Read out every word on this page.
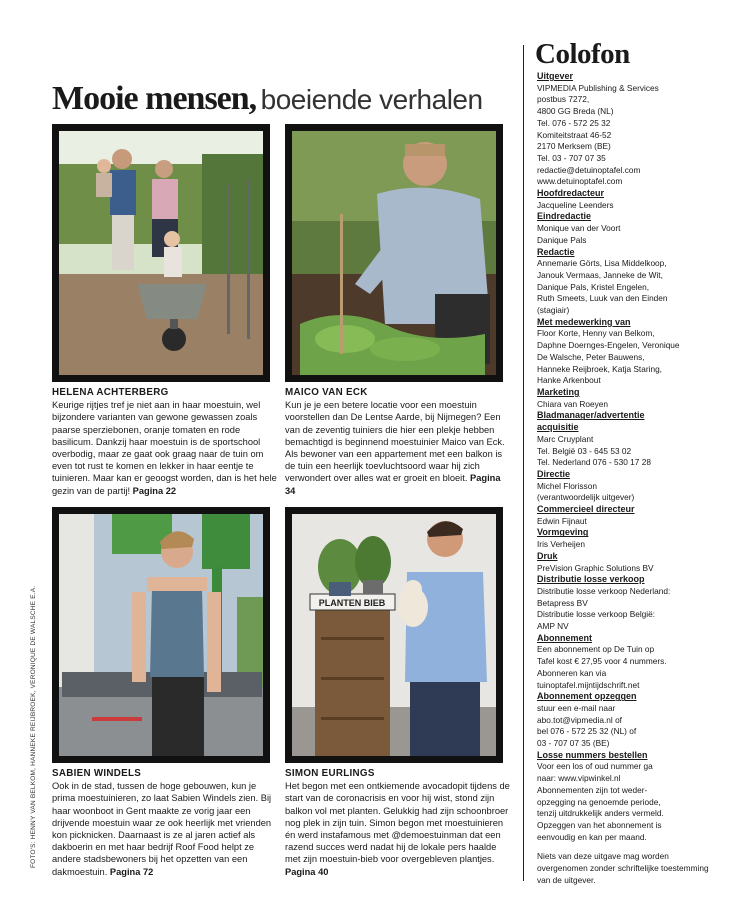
Mooie mensen, boeiende verhalen
HELENA ACHTERBERG
Keurige rijtjes tref je niet aan in haar moestuin, wel bijzondere varianten van gewone gewassen zoals paarse sperziebonen, oranje tomaten en rode basilicum. Dankzij haar moestuin is de sportschool overbodig, maar ze gaat ook graag naar de tuin om even tot rust te komen en lekker in haar eentje te tuinieren. Maar kan er geoogst worden, dan is het hele gezin van de partij! Pagina 22
MAICO VAN ECK
Kun je je een betere locatie voor een moestuin voorstellen dan De Lentse Aarde, bij Nijmegen? Een van de zeventig tuiniers die hier een plekje hebben bemachtigd is beginnend moestuinier Maico van Eck. Als bewoner van een appartement met een balkon is de tuin een heerlijk toevluchtsoord waar hij zich verwondert over alles wat er groeit en bloeit. Pagina 34
SABIEN WINDELS
Ook in de stad, tussen de hoge gebouwen, kun je prima moestuinieren, zo laat Sabien Windels zien. Bij haar woonboot in Gent maakte ze vorig jaar een drijvende moestuin waar ze ook heerlijk met vrienden kon picknicken. Daarnaast is ze al jaren actief als dakboerin en met haar bedrijf Roof Food helpt ze andere stadsbewoners bij het opzetten van een dakmoestuin. Pagina 72
PLANTEN BIEB
SIMON EURLINGS
Het begon met een ontkiemende avocadopit tijdens de start van de coronacrisis en voor hij wist, stond zijn balkon vol met planten. Gelukkig had zijn schoonbroer nog plek in zijn tuin. Simon begon met moestuinieren én werd instafamous met @demoestuinman dat een razend succes werd nadat hij de lokale pers haalde met zijn moestuin-bieb voor overgebleven plantjes. Pagina 40
FOTO'S: HENNY VAN BELKOM, HANNEKE REIJBROEK, VERONIQUE DE WALSCHE E.A.
Colofon
Uitgever
VIPMEDIA Publishing & Services
postbus 7272,
4800 GG Breda (NL)
Tel. 076 - 572 25 32
Komiteitstraat 46-52
2170 Merksem (BE)
Tel. 03 - 707 07 35
redactie@detuinoptafel.com
www.detuinoptafel.com
Hoofdredacteur
Jacqueline Leenders
Eindredactie
Monique van der Voort
Danique Pals
Redactie
Annemarie Görts, Lisa Middelkoop,
Janouk Vermaas, Janneke de Wit,
Danique Pals, Kristel Engelen,
Ruth Smeets, Luuk van den Einden
(stagiair)
Met medewerking van
Floor Korte, Henny van Belkom,
Daphne Doernges-Engelen, Veronique
De Walsche, Peter Bauwens,
Hanneke Reijbroek, Katja Staring,
Hanke Arkenbout
Marketing
Chiara van Roeyen
Bladmanager/advertentie
acquisitie
Marc Cruyplant
Tel. België 03 - 645 53 02
Tel. Nederland 076 - 530 17 28
Directie
Michel Florisson
(verantwoordelijk uitgever)
Commercieel directeur
Edwin Fijnaut
Vormgeving
Iris Verheijen
Druk
PreVision Graphic Solutions BV
Distributie losse verkoop
Distributie losse verkoop Nederland:
Betapress BV
Distributie losse verkoop België:
AMP NV
Abonnement
Een abonnement op De Tuin op
Tafel kost € 27,95 voor 4 nummers.
Abonneren kan via
tuinoptafel.mijntijdschrift.net
Abonnement opzeggen
stuur een e-mail naar
abo.tot@vipmedia.nl of
bel 076 - 572 25 32 (NL) of
03 - 707 07 35 (BE)
Losse nummers bestellen
Voor een los of oud nummer ga
naar: www.vipwinkel.nl
Abonnementen zijn tot weder-
opzegging na genoemde periode,
tenzij uitdrukkelijk anders vermeld.
Opzeggen van het abonnement is
eenvoudig en kan per maand.
Niets van deze uitgave mag worden overgenomen zonder schriftelijke toestemming van de uitgever.
